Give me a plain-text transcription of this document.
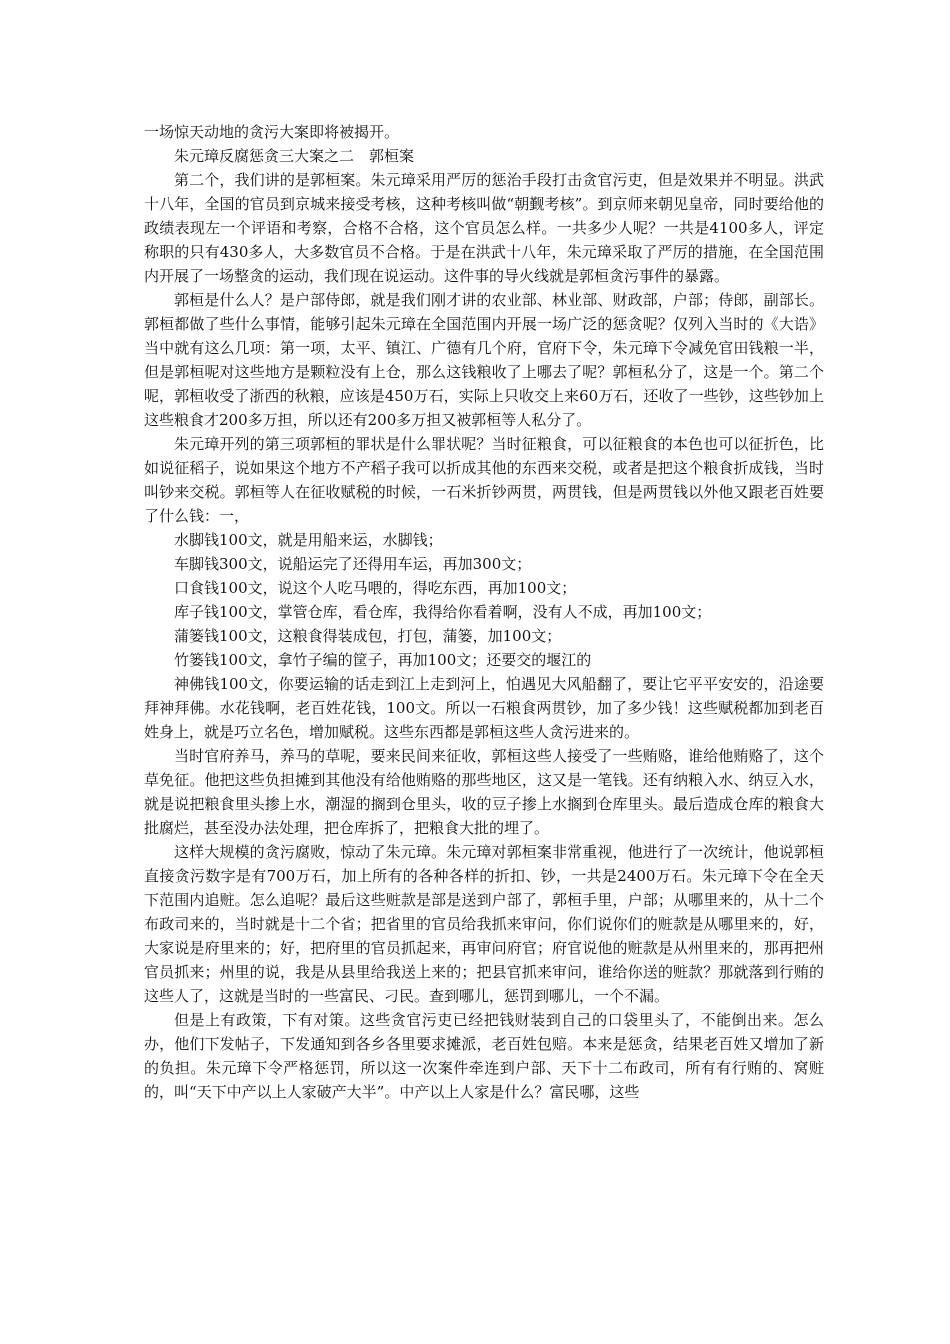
一场惊天动地的贪污大案即将被揭开。

朱元璋反腐惩贪三大案之二　郭桓案

第二个，我们讲的是郭桓案。朱元璋采用严厉的惩治手段打击贪官污吏，但是效果并不明显。洪武十八年，全国的官员到京城来接受考核，这种考核叫做“朝觐考核”。到京师来朝见皇帝，同时要给他的政绩表现左一个评语和考察，合格不合格，这个官员怎么样。一共多少人呢？一共是4100多人，评定称职的只有430多人，大多数官员不合格。于是在洪武十八年，朱元璋采取了严厉的措施，在全国范围内开展了一场整贪的运动，我们现在说运动。这件事的导火线就是郭桓贪污事件的暴露。

郭桓是什么人？是户部侍郎，就是我们刚才讲的农业部、林业部、财政部，户部；侍郎，副部长。郭桓都做了些什么事情，能够引起朱元璋在全国范围内开展一场广泛的惩贪呢？仅列入当时的《大诰》当中就有这么几项：第一项，太平、镇江、广德有几个府，官府下令，朱元璋下令减免官田钱粮一半，但是郭桓呢对这些地方是颗粒没有上仓，那么这钱粮收了上哪去了呢？郭桓私分了，这是一个。第二个呢，郭桓收受了浙西的秋粮，应该是450万石，实际上只收交上来60万石，还收了一些钞，这些钞加上这些粮食才200多万担，所以还有200多万担又被郭桓等人私分了。

朱元璋开列的第三项郭桓的罪状是什么罪状呢？当时征粮食，可以征粮食的本色也可以征折色，比如说征稻子，说如果这个地方不产稻子我可以折成其他的东西来交税，或者是把这个粮食折成钱，当时叫钞来交税。郭桓等人在征收赋税的时候，一石米折钞两贯，两贯钱，但是两贯钱以外他又跟老百姓要了什么钱：一，

水脚钱100文，就是用船来运，水脚钱；

车脚钱300文，说船运完了还得用车运，再加300文；

口食钱100文，说这个人吃马喂的，得吃东西，再加100文；

库子钱100文，掌管仓库，看仓库，我得给你看着啊，没有人不成，再加100文；

蒲篓钱100文，这粮食得装成包，打包，蒲篓，加100文；

竹篓钱100文，拿竹子编的筐子，再加100文；还要交的堰江的

神佛钱100文，你要运输的话走到江上走到河上，怕遇见大风船翻了，要让它平平安安的，沿途要拜神拜佛。水花钱啊，老百姓花钱，100文。所以一石粮食两贯钞，加了多少钱！这些赋税都加到老百姓身上，就是巧立名色，增加赋税。这些东西都是郭桓这些人贪污进来的。

当时官府养马，养马的草呢，要来民间来征收，郭桓这些人接受了一些贿赂，谁给他贿赂了，这个草免征。他把这些负担摊到其他没有给他贿赂的那些地区，这又是一笔钱。还有纳粮入水、纳豆入水，就是说把粮食里头掺上水，潮湿的搁到仓里头，收的豆子掺上水搁到仓库里头。最后造成仓库的粮食大批腐烂，甚至没办法处理，把仓库拆了，把粮食大批的埋了。

这样大规模的贪污腐败，惊动了朱元璋。朱元璋对郭桓案非常重视，他进行了一次统计，他说郭桓直接贪污数字是有700万石，加上所有的各种各样的折扣、钞，一共是2400万石。朱元璋下令在全天下范围内追赃。怎么追呢？最后这些赃款是部是送到户部了，郭桓手里，户部；从哪里来的，从十二个布政司来的，当时就是十二个省；把省里的官员给我抓来审问，你们说你们的赃款是从哪里来的，好，大家说是府里来的；好，把府里的官员抓起来，再审问府官；府官说他的赃款是从州里来的，那再把州官员抓来；州里的说，我是从县里给我送上来的；把县官抓来审问，谁给你送的赃款？那就落到行贿的这些人了，这就是当时的一些富民、刁民。查到哪儿，惩罚到哪儿，一个不漏。

但是上有政策，下有对策。这些贪官污吏已经把钱财装到自己的口袋里头了，不能倒出来。怎么办，他们下发帖子，下发通知到各乡各里要求摊派，老百姓包赔。本来是惩贪，结果老百姓又增加了新的负担。朱元璋下令严格惩罚，所以这一次案件牵连到户部、天下十二布政司，所有有行贿的、窝赃的，叫“天下中产以上人家破产大半”。中产以上人家是什么？富民哪，这些
